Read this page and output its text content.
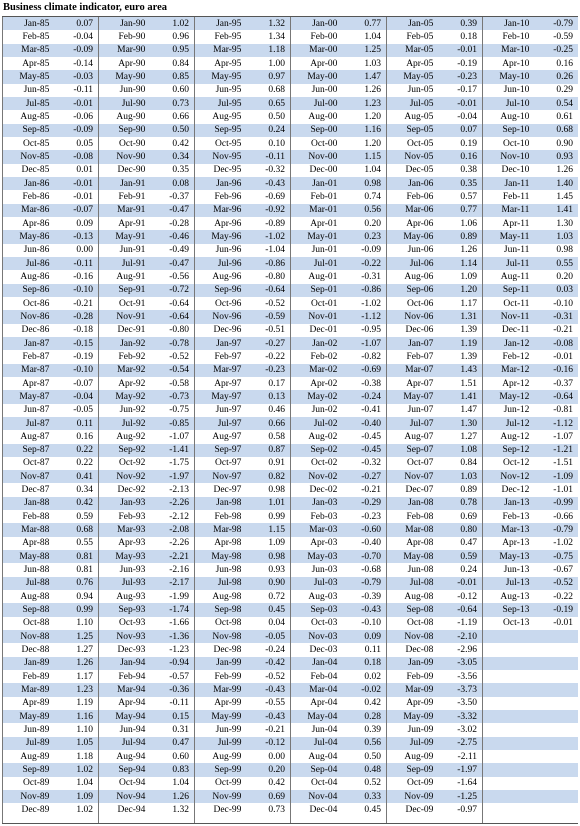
Business climate indicator, euro area
Jan-85	0.07
Feb-85	-0.04
Mar-85	-0.09
Apr-85	-0.14
May-85	-0.03
Jun-85	-0.11
Jul-85	-0.01
Aug-85	-0.06
Sep-85	-0.09
Oct-85	0.05
Nov-85	-0.08
Dec-85	0.01
Jan-86	-0.01
Feb-86	-0.01
Mar-86	-0.07
Apr-86	0.09
May-86	-0.13
Jun-86	0.00
Jul-86	-0.11
Aug-86	-0.16
Sep-86	-0.10
Oct-86	-0.21
Nov-86	-0.28
Dec-86	-0.18
Jan-87	-0.15
Feb-87	-0.19
Mar-87	-0.10
Apr-87	-0.07
May-87	-0.04
Jun-87	-0.05
Jul-87	0.11
Aug-87	0.16
Sep-87	0.22
Oct-87	0.22
Nov-87	0.41
Dec-87	0.34
Jan-88	0.42
Feb-88	0.59
Mar-88	0.68
Apr-88	0.55
May-88	0.81
Jun-88	0.81
Jul-88	0.76
Aug-88	0.94
Sep-88	0.99
Oct-88	1.10
Nov-88	1.25
Dec-88	1.27
Jan-89	1.26
Feb-89	1.17
Mar-89	1.23
Apr-89	1.19
May-89	1.16
Jun-89	1.10
Jul-89	1.05
Aug-89	1.18
Sep-89	1.02
Oct-89	1.04
Nov-89	1.09
Dec-89	1.02
Jan-90	1.02
Feb-90	0.96
Mar-90	0.95
Apr-90	0.84
May-90	0.85
Jun-90	0.60
Jul-90	0.73
Aug-90	0.66
Sep-90	0.50
Oct-90	0.42
Nov-90	0.34
Dec-90	0.35
Jan-91	0.08
Feb-91	-0.37
Mar-91	-0.47
Apr-91	-0.28
May-91	-0.46
Jun-91	-0.49
Jul-91	-0.47
Aug-91	-0.56
Sep-91	-0.72
Oct-91	-0.64
Nov-91	-0.64
Dec-91	-0.80
Jan-92	-0.78
Feb-92	-0.52
Mar-92	-0.54
Apr-92	-0.58
May-92	-0.73
Jun-92	-0.75
Jul-92	-0.85
Aug-92	-1.07
Sep-92	-1.41
Oct-92	-1.75
Nov-92	-1.97
Dec-92	-2.13
Jan-93	-2.26
Feb-93	-2.12
Mar-93	-2.08
Apr-93	-2.26
May-93	-2.21
Jun-93	-2.16
Jul-93	-2.17
Aug-93	-1.99
Sep-93	-1.74
Oct-93	-1.66
Nov-93	-1.36
Dec-93	-1.23
Jan-94	-0.94
Feb-94	-0.57
Mar-94	-0.36
Apr-94	-0.11
May-94	0.15
Jun-94	0.31
Jul-94	0.47
Aug-94	0.60
Sep-94	0.83
Oct-94	1.04
Nov-94	1.26
Dec-94	1.32
Jan-95	1.32
Feb-95	1.34
Mar-95	1.18
Apr-95	1.00
May-95	0.97
Jun-95	0.68
Jul-95	0.65
Aug-95	0.50
Sep-95	0.24
Oct-95	0.10
Nov-95	-0.11
Dec-95	-0.32
Jan-96	-0.43
Feb-96	-0.69
Mar-96	-0.92
Apr-96	-0.89
May-96	-1.02
Jun-96	-1.04
Jul-96	-0.86
Aug-96	-0.80
Sep-96	-0.64
Oct-96	-0.52
Nov-96	-0.59
Dec-96	-0.51
Jan-97	-0.27
Feb-97	-0.22
Mar-97	-0.23
Apr-97	0.17
May-97	0.13
Jun-97	0.46
Jul-97	0.66
Aug-97	0.58
Sep-97	0.87
Oct-97	0.91
Nov-97	0.82
Dec-97	0.98
Jan-98	1.01
Feb-98	0.99
Mar-98	1.15
Apr-98	1.09
May-98	0.98
Jun-98	0.93
Jul-98	0.90
Aug-98	0.72
Sep-98	0.45
Oct-98	0.04
Nov-98	-0.05
Dec-98	-0.24
Jan-99	-0.42
Feb-99	-0.52
Mar-99	-0.43
Apr-99	-0.55
May-99	-0.43
Jun-99	-0.21
Jul-99	-0.12
Aug-99	0.00
Sep-99	0.20
Oct-99	0.42
Nov-99	0.69
Dec-99	0.73
Jan-00	0.77
Feb-00	1.04
Mar-00	1.25
Apr-00	1.03
May-00	1.47
Jun-00	1.26
Jul-00	1.23
Aug-00	1.20
Sep-00	1.16
Oct-00	1.20
Nov-00	1.15
Dec-00	1.04
Jan-01	0.98
Feb-01	0.74
Mar-01	0.56
Apr-01	0.20
May-01	0.23
Jun-01	-0.09
Jul-01	-0.22
Aug-01	-0.31
Sep-01	-0.86
Oct-01	-1.02
Nov-01	-1.12
Dec-01	-0.95
Jan-02	-1.07
Feb-02	-0.82
Mar-02	-0.69
Apr-02	-0.38
May-02	-0.24
Jun-02	-0.41
Jul-02	-0.40
Aug-02	-0.45
Sep-02	-0.45
Oct-02	-0.32
Nov-02	-0.27
Dec-02	-0.21
Jan-03	-0.29
Feb-03	-0.23
Mar-03	-0.60
Apr-03	-0.40
May-03	-0.70
Jun-03	-0.68
Jul-03	-0.79
Aug-03	-0.39
Sep-03	-0.43
Oct-03	-0.10
Nov-03	0.09
Dec-03	0.11
Jan-04	0.18
Feb-04	0.02
Mar-04	-0.02
Apr-04	0.42
May-04	0.28
Jun-04	0.39
Jul-04	0.56
Aug-04	0.50
Sep-04	0.48
Oct-04	0.52
Nov-04	0.33
Dec-04	0.45
Jan-05	0.39
Feb-05	0.18
Mar-05	-0.01
Apr-05	-0.19
May-05	-0.23
Jun-05	-0.17
Jul-05	-0.01
Aug-05	-0.04
Sep-05	0.07
Oct-05	0.19
Nov-05	0.16
Dec-05	0.38
Jan-06	0.35
Feb-06	0.57
Mar-06	0.77
Apr-06	1.06
May-06	0.89
Jun-06	1.26
Jul-06	1.14
Aug-06	1.09
Sep-06	1.20
Oct-06	1.17
Nov-06	1.31
Dec-06	1.39
Jan-07	1.19
Feb-07	1.39
Mar-07	1.43
Apr-07	1.51
May-07	1.41
Jun-07	1.47
Jul-07	1.30
Aug-07	1.27
Sep-07	1.08
Oct-07	0.84
Nov-07	1.03
Dec-07	0.89
Jan-08	0.78
Feb-08	0.69
Mar-08	0.80
Apr-08	0.47
May-08	0.59
Jun-08	0.24
Jul-08	-0.01
Aug-08	-0.12
Sep-08	-0.64
Oct-08	-1.19
Nov-08	-2.10
Dec-08	-2.96
Jan-09	-3.05
Feb-09	-3.56
Mar-09	-3.73
Apr-09	-3.50
May-09	-3.32
Jun-09	-3.02
Jul-09	-2.75
Aug-09	-2.11
Sep-09	-1.97
Oct-09	-1.64
Nov-09	-1.25
Dec-09	-0.97
Jan-10	-0.79
Feb-10	-0.59
Mar-10	-0.25
Apr-10	0.16
May-10	0.26
Jun-10	0.29
Jul-10	0.54
Aug-10	0.61
Sep-10	0.68
Oct-10	0.90
Nov-10	0.93
Dec-10	1.26
Jan-11	1.40
Feb-11	1.45
Mar-11	1.41
Apr-11	1.30
May-11	1.03
Jun-11	0.98
Jul-11	0.55
Aug-11	0.20
Sep-11	0.03
Oct-11	-0.10
Nov-11	-0.31
Dec-11	-0.21
Jan-12	-0.08
Feb-12	-0.01
Mar-12	-0.16
Apr-12	-0.37
May-12	-0.64
Jun-12	-0.81
Jul-12	-1.12
Aug-12	-1.07
Sep-12	-1.21
Oct-12	-1.51
Nov-12	-1.09
Dec-12	-1.01
Jan-13	-0.99
Feb-13	-0.66
Mar-13	-0.79
Apr-13	-1.02
May-13	-0.75
Jun-13	-0.67
Jul-13	-0.52
Aug-13	-0.22
Sep-13	-0.19
Oct-13	-0.01
